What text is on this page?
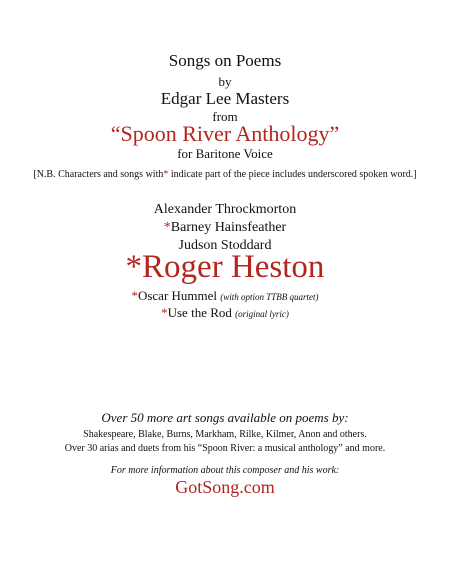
Songs on Poems
by
Edgar Lee Masters
from
“Spoon River Anthology”
for Baritone Voice
[N.B. Characters and songs with* indicate part of the piece includes underscored spoken word.]
Alexander Throckmorton
*Barney Hainsfeather
Judson Stoddard
*Roger Heston
*Oscar Hummel (with option TTBB quartet)
*Use the Rod (original lyric)
Over 50 more art songs available on poems by:
Shakespeare, Blake, Burns, Markham, Rilke, Kilmer, Anon and others.
Over 30 arias and duets from his “Spoon River: a musical anthology” and more.
For more information about this composer and his work:
GotSong.com
